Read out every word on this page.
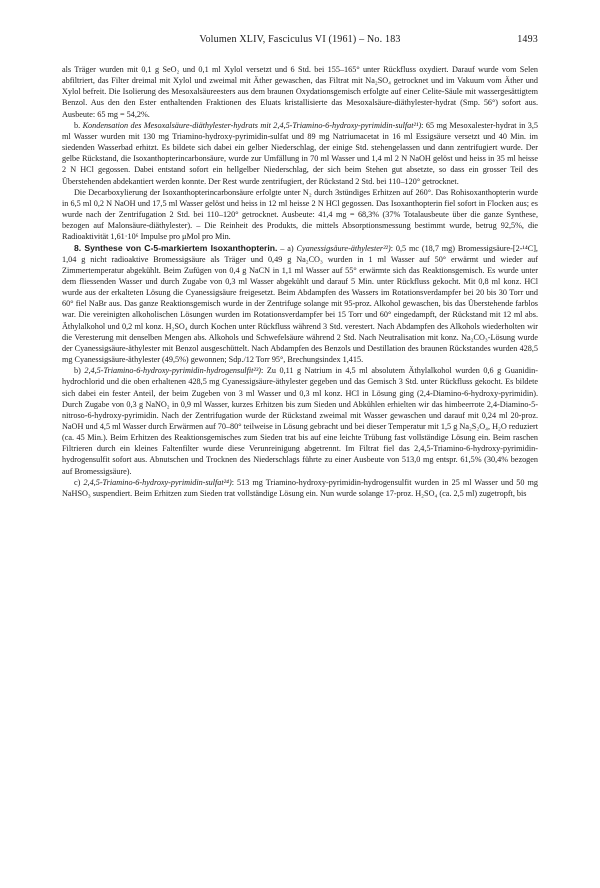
Volumen XLIV, Fasciculus VI (1961) – No. 183	1493

als Träger wurden mit 0,1 g SeO₂ und 0,1 ml Xylol versetzt und 6 Std. bei 155–165° unter Rückfluss oxydiert. Darauf wurde vom Selen abfiltriert, das Filter dreimal mit Xylol und zweimal mit Äther gewaschen, das Filtrat mit Na₂SO₄ getrocknet und im Vakuum vom Äther und Xylol befreit. Die Isolierung des Mesoxalsäureesters aus dem braunen Oxydationsgemisch erfolgte auf einer Celite-Säule mit wassergesättigtem Benzol. Aus den den Ester enthaltenden Fraktionen des Eluats kristallisierte das Mesoxalsäure-diäthylester-hydrat (Smp. 56°) sofort aus. Ausbeute: 65 mg = 54,2%.

b. Kondensation des Mesoxalsäure-diäthylester-hydrats mit 2,4,5-Triamino-6-hydroxy-pyrimidin-sulfat²¹): 65 mg Mesoxalester-hydrat in 3,5 ml Wasser wurden mit 130 mg Triamino-hydroxy-pyrimidin-sulfat und 89 mg Natriumacetat in 16 ml Essigsäure versetzt und 40 Min. im siedenden Wasserbad erhitzt. Es bildete sich dabei ein gelber Niederschlag, der einige Std. stehengelassen und dann zentrifugiert wurde. Der gelbe Rückstand, die Isoxanthopterincarbonsäure, wurde zur Umfällung in 70 ml Wasser und 1,4 ml 2 N NaOH gelöst und heiss in 35 ml heisse 2 N HCl gegossen. Dabei entstand sofort ein hellgelber Niederschlag, der sich beim Stehen gut absetzte, so dass ein grosser Teil des Überstehenden abdekantiert werden konnte. Der Rest wurde zentrifugiert, der Rückstand 2 Std. bei 110–120° getrocknet.

Die Decarboxylierung der Isoxanthopterincarbonsäure erfolgte unter N₂ durch 3stündiges Erhitzen auf 260°. Das Rohisoxanthopterin wurde in 6,5 ml 0,2 N NaOH und 17,5 ml Wasser gelöst und heiss in 12 ml heisse 2 N HCl gegossen. Das Isoxanthopterin fiel sofort in Flocken aus; es wurde nach der Zentrifugation 2 Std. bei 110–120° getrocknet. Ausbeute: 41,4 mg = 68,3% (37% Totalausbeute über die ganze Synthese, bezogen auf Malonsäure-diäthylester). – Die Reinheit des Produkts, die mittels Absorptionsmessung bestimmt wurde, betrug 92,5%, die Radioaktivität 1,61·10⁶ Impulse pro μMol pro Min.

8. Synthese von C-5-markiertem Isoxanthopterin. – a) Cyanessigsäure-äthylester²²): 0,5 mc (18,7 mg) Bromessigsäure-[2-¹⁴C], 1,04 g nicht radioaktive Bromessigsäure als Träger und 0,49 g Na₂CO₃ wurden in 1 ml Wasser auf 50° erwärmt und wieder auf Zimmertemperatur abgekühlt. Beim Zufügen von 0,4 g NaCN in 1,1 ml Wasser auf 55° erwärmte sich das Reaktionsgemisch. Es wurde unter dem fliessenden Wasser und durch Zugabe von 0,3 ml Wasser abgekühlt und darauf 5 Min. unter Rückfluss gekocht. Mit 0,8 ml konz. HCl wurde aus der erkalteten Lösung die Cyanessigsäure freigesetzt. Beim Abdampfen des Wassers im Rotationsverdampfer bei 20 bis 30 Torr und 60° fiel NaBr aus. Das ganze Reaktionsgemisch wurde in der Zentrifuge solange mit 95-proz. Alkohol gewaschen, bis das Überstehende farblos war. Die vereinigten alkoholischen Lösungen wurden im Rotationsverdampfer bei 15 Torr und 60° eingedampft, der Rückstand mit 12 ml abs. Äthylalkohol und 0,2 ml konz. H₂SO₄ durch Kochen unter Rückfluss während 3 Std. verestert. Nach Abdampfen des Alkohols wiederholten wir die Veresterung mit denselben Mengen abs. Alkohols und Schwefelsäure während 2 Std. Nach Neutralisation mit konz. Na₂CO₃-Lösung wurde der Cyanessigsäure-äthylester mit Benzol ausgeschüttelt. Nach Abdampfen des Benzols und Destillation des braunen Rückstandes wurden 428,5 mg Cyanessigsäure-äthylester (49,5%) gewonnen; Sdp./12 Torr 95°, Brechungsindex 1,415.

b) 2,4,5-Triamino-6-hydroxy-pyrimidin-hydrogensulfit²³): Zu 0,11 g Natrium in 4,5 ml absolutem Äthylalkohol wurden 0,6 g Guanidin-hydrochlorid und die oben erhaltenen 428,5 mg Cyanessigsäure-äthylester gegeben und das Gemisch 3 Std. unter Rückfluss gekocht. Es bildete sich dabei ein fester Anteil, der beim Zugeben von 3 ml Wasser und 0,3 ml konz. HCl in Lösung ging (2,4-Diamino-6-hydroxy-pyrimidin). Durch Zugabe von 0,3 g NaNO₂ in 0,9 ml Wasser, kurzes Erhitzen bis zum Sieden und Abkühlen erhielten wir das himbeerrote 2,4-Diamino-5-nitroso-6-hydroxy-pyrimidin. Nach der Zentrifugation wurde der Rückstand zweimal mit Wasser gewaschen und darauf mit 0,24 ml 20-proz. NaOH und 4,5 ml Wasser durch Erwärmen auf 70–80° teilweise in Lösung gebracht und bei dieser Temperatur mit 1,5 g Na₂S₂O₄, H₂O reduziert (ca. 45 Min.). Beim Erhitzen des Reaktionsgemisches zum Sieden trat bis auf eine leichte Trübung fast vollständige Lösung ein. Beim raschen Filtrieren durch ein kleines Faltenfilter wurde diese Verunreinigung abgetrennt. Im Filtrat fiel das 2,4,5-Triamino-6-hydroxy-pyrimidin-hydrogensulfit sofort aus. Abnutschen und Trocknen des Niederschlags führte zu einer Ausbeute von 513,0 mg entspr. 61,5% (30,4% bezogen auf Bromessigsäure).

c) 2,4,5-Triamino-6-hydroxy-pyrimidin-sulfat²⁴): 513 mg Triamino-hydroxy-pyrimidin-hydrogensulfit wurden in 25 ml Wasser und 50 mg NaHSO₃ suspendiert. Beim Erhitzen zum Sieden trat vollständige Lösung ein. Nun wurde solange 17-proz. H₂SO₄ (ca. 2,5 ml) zugetropft, bis
